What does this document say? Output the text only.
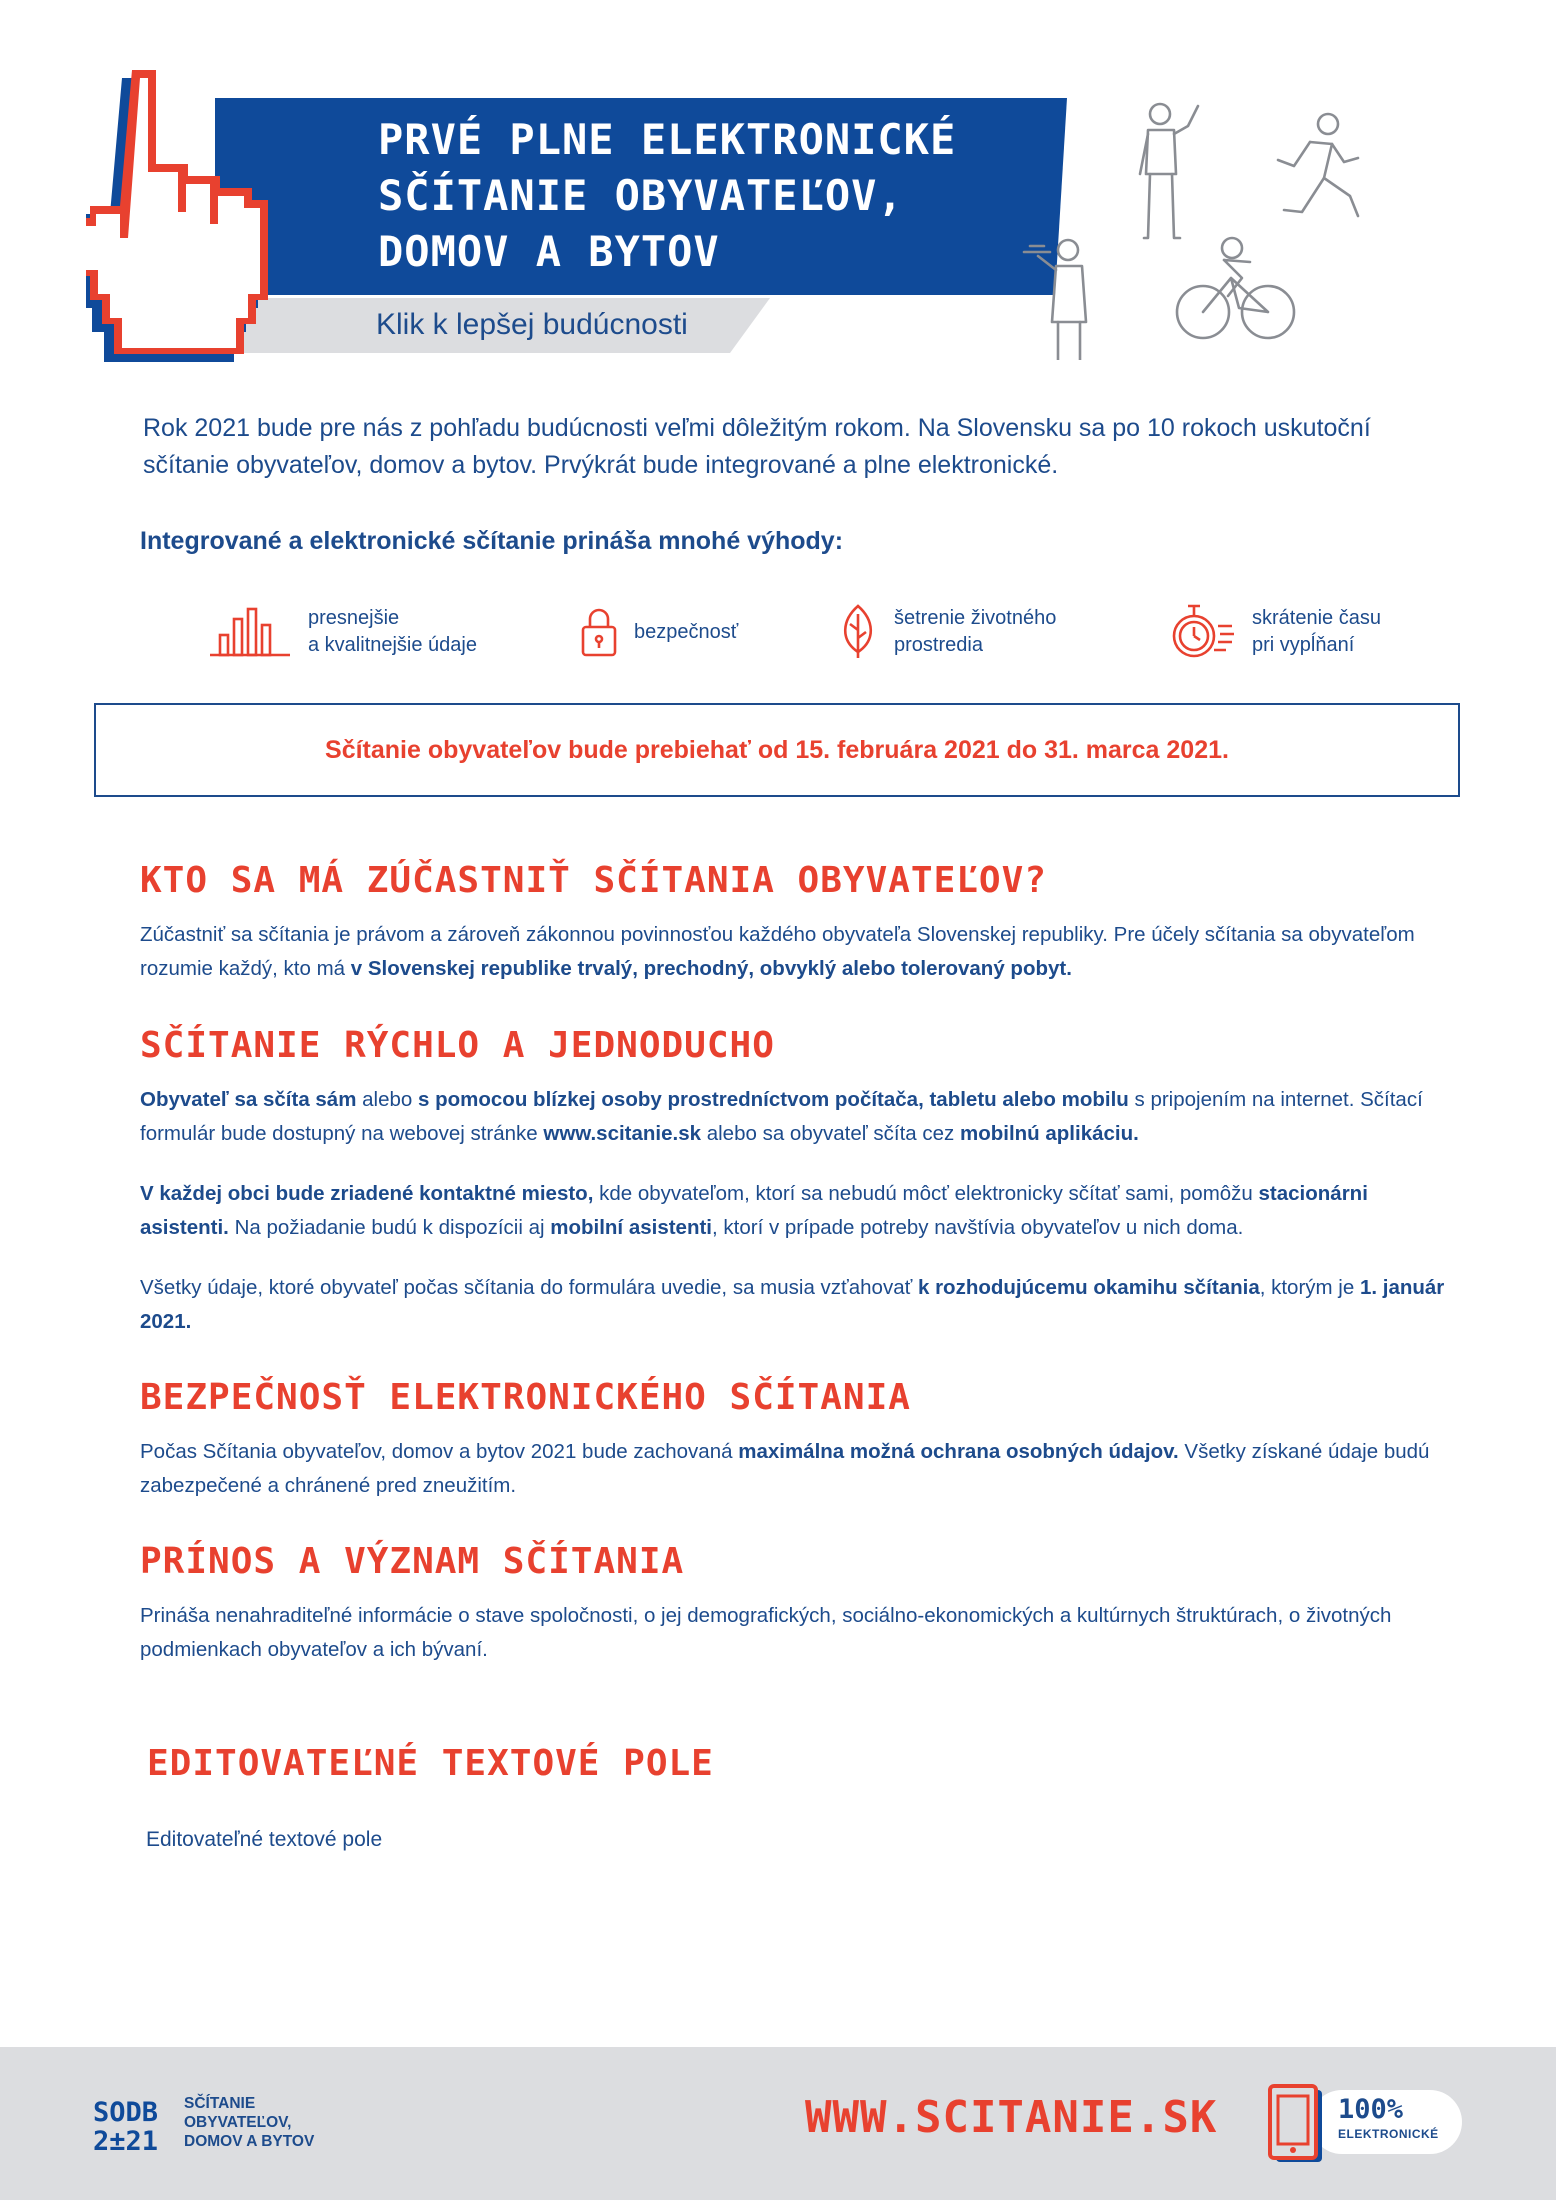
PRVÉ PLNE ELEKTRONICKÉ
SČÍTANIE OBYVATEĽOV,
DOMOV A BYTOV
Klik k lepšej budúcnosti
Rok 2021 bude pre nás z pohľadu budúcnosti veľmi dôležitým rokom. Na Slovensku sa po 10 rokoch uskutoční sčítanie obyvateľov, domov a bytov. Prvýkrát bude integrované a plne elektronické.
Integrované a elektronické sčítanie prináša mnohé výhody:
presnejšie
a kvalitnejšie údaje
bezpečnosť
šetrenie životného
prostredia
skrátenie času
pri vypĺňaní
Sčítanie obyvateľov bude prebiehať od 15. februára 2021 do 31. marca 2021.
KTO SA MÁ ZÚČASTNIŤ SČÍTANIA OBYVATEĽOV?

Zúčastniť sa sčítania je právom a zároveň zákonnou povinnosťou každého obyvateľa Slovenskej republiky. Pre účely sčítania sa obyvateľom rozumie každý, kto má v Slovenskej republike trvalý, prechodný, obvyklý alebo tolerovaný pobyt.

SČÍTANIE RÝCHLO A JEDNODUCHO

Obyvateľ sa sčíta sám alebo s pomocou blízkej osoby prostredníctvom počítača, tabletu alebo mobilu s pripojením na internet. Sčítací formulár bude dostupný na webovej stránke www.scitanie.sk alebo sa obyvateľ sčíta cez mobilnú aplikáciu.

V každej obci bude zriadené kontaktné miesto, kde obyvateľom, ktorí sa nebudú môcť elektronicky sčítať sami, pomôžu stacionárni asistenti. Na požiadanie budú k dispozícii aj mobilní asistenti, ktorí v prípade potreby navštívia obyvateľov u nich doma.

Všetky údaje, ktoré obyvateľ počas sčítania do formulára uvedie, sa musia vzťahovať k rozhodujúcemu okamihu sčítania, ktorým je 1. január 2021.

BEZPEČNOSŤ ELEKTRONICKÉHO SČÍTANIA

Počas Sčítania obyvateľov, domov a bytov 2021 bude zachovaná maximálna možná ochrana osobných údajov. Všetky získané údaje budú zabezpečené a chránené pred zneužitím.

PRÍNOS A VÝZNAM SČÍTANIA

Prináša nenahraditeľné informácie o stave spoločnosti, o jej demografických, sociálno-ekonomických a kultúrnych štruktúrach, o životných podmienkach obyvateľov a ich bývaní.

EDITOVATEĽNÉ TEXTOVÉ POLE
Editovateľné textové pole
SODB
2±21
SČÍTANIE
OBYVATEĽOV,
DOMOV A BYTOV	WWW.SCITANIE.SK	100%
ELEKTRONICKÉ
